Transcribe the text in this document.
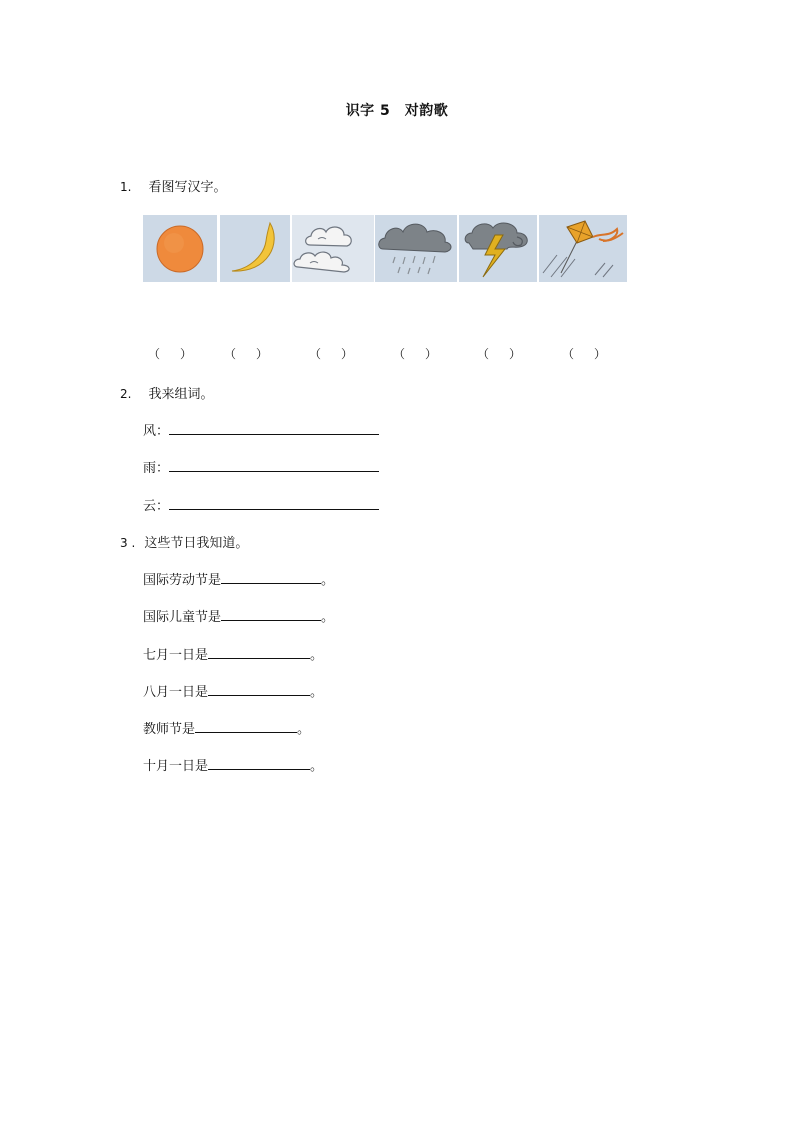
识字 5　对韵歌
1. 看图写汉字。
（ ）	（ ）	（ ）	（ ）	（ ）	（ ）
2. 我来组词。
风：
雨：
云：
3 . 这些节日我知道。
国际劳动节是	。
国际儿童节是	。
七月一日是	。
八月一日是	。
教师节是	。
十月一日是	。
